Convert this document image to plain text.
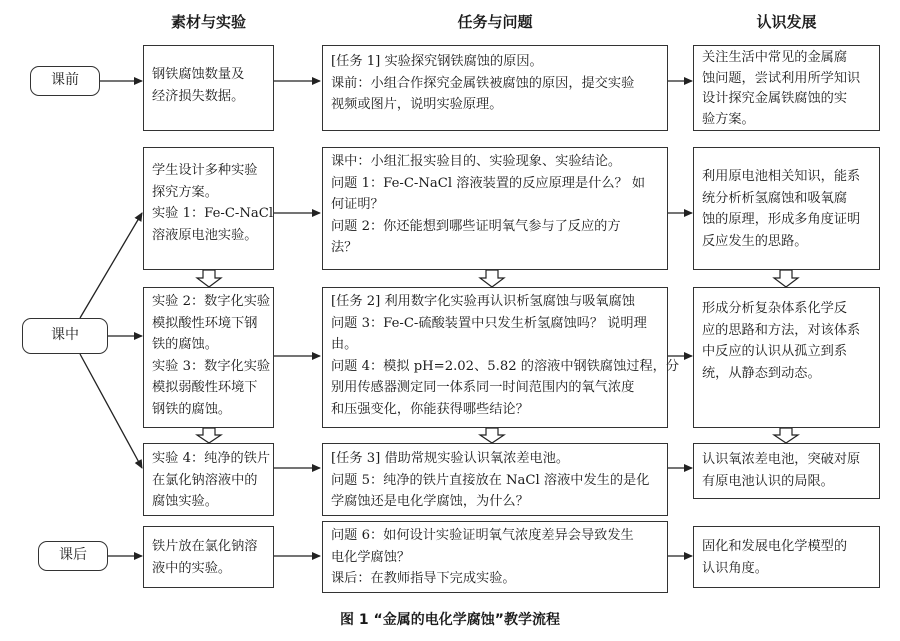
素材与实验	任务与问题	认识发展
课前
课中
课后
钢铁腐蚀数量及
经济损失数据。
[任务 1] 实验探究钢铁腐蚀的原因。
课前：小组合作探究金属铁被腐蚀的原因，提交实验
视频或图片，说明实验原理。
关注生活中常见的金属腐
蚀问题，尝试利用所学知识
设计探究金属铁腐蚀的实
验方案。
学生设计多种实验
探究方案。
实验 1：Fe-C-NaCl
溶液原电池实验。
课中：小组汇报实验目的、实验现象、实验结论。
问题 1：Fe-C-NaCl 溶液装置的反应原理是什么？ 如
何证明？
问题 2：你还能想到哪些证明氧气参与了反应的方
法？
利用原电池相关知识，能系
统分析析氢腐蚀和吸氧腐
蚀的原理，形成多角度证明
反应发生的思路。
实验 2：数字化实验
模拟酸性环境下钢
铁的腐蚀。
实验 3：数字化实验
模拟弱酸性环境下
钢铁的腐蚀。
[任务 2] 利用数字化实验再认识析氢腐蚀与吸氧腐蚀
问题 3：Fe-C-硫酸装置中只发生析氢腐蚀吗？ 说明理
由。
问题 4：模拟 pH=2.02、5.82 的溶液中钢铁腐蚀过程，分
别用传感器测定同一体系同一时间范围内的氧气浓度
和压强变化，你能获得哪些结论？
形成分析复杂体系化学反
应的思路和方法，对该体系
中反应的认识从孤立到系
统，从静态到动态。
实验 4：纯净的铁片
在氯化钠溶液中的
腐蚀实验。
[任务 3] 借助常规实验认识氧浓差电池。
问题 5：纯净的铁片直接放在 NaCl 溶液中发生的是化
学腐蚀还是电化学腐蚀，为什么？
认识氧浓差电池，突破对原
有原电池认识的局限。
铁片放在氯化钠溶
液中的实验。
问题 6：如何设计实验证明氧气浓度差异会导致发生
电化学腐蚀？
课后：在教师指导下完成实验。
固化和发展电化学模型的
认识角度。
图 1 “金属的电化学腐蚀”教学流程
